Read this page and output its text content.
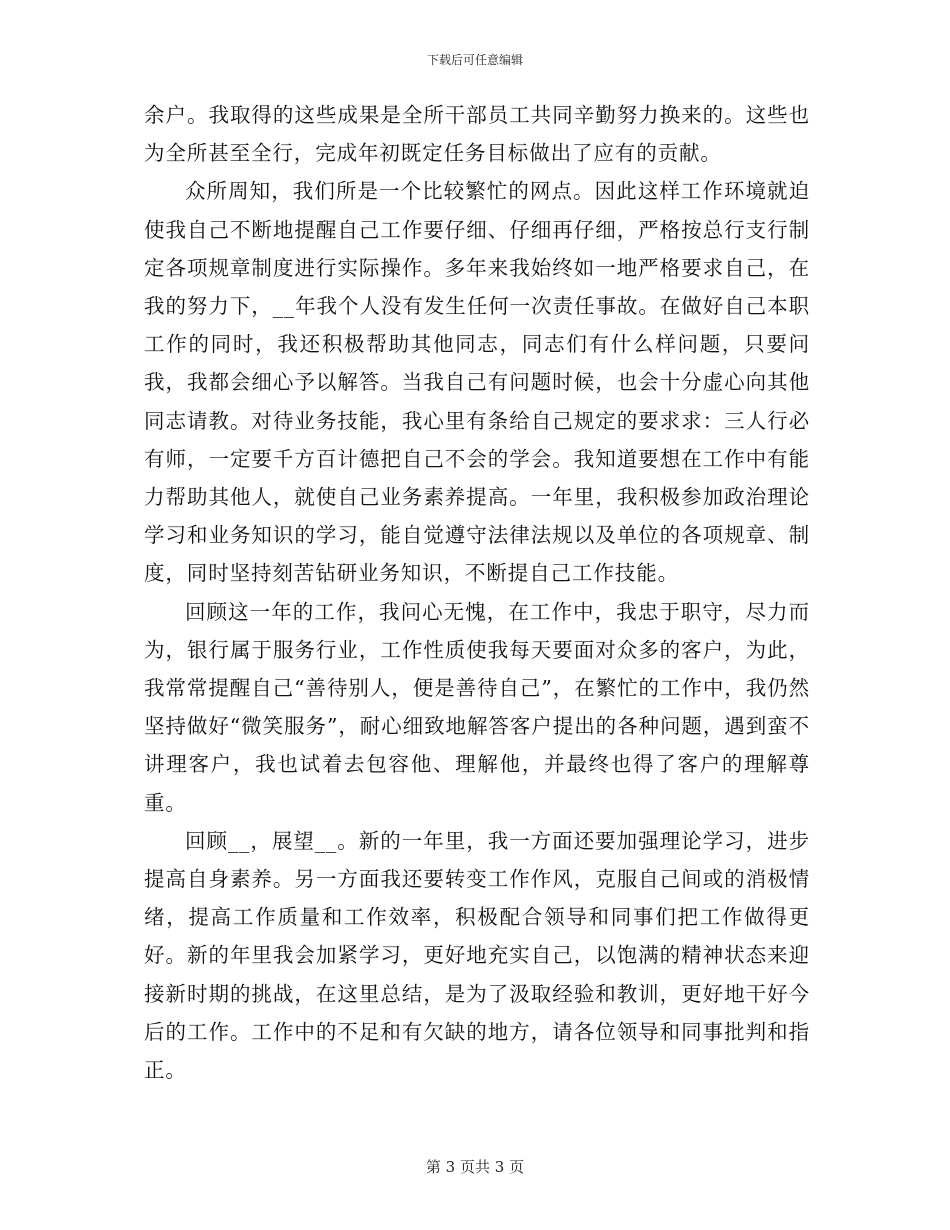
下载后可任意编辑

余户。我取得的这些成果是全所干部员工共同辛勤努力换来的。这些也为全所甚至全行，完成年初既定任务目标做出了应有的贡献。

众所周知，我们所是一个比较繁忙的网点。因此这样工作环境就迫使我自己不断地提醒自己工作要仔细、仔细再仔细，严格按总行支行制定各项规章制度进行实际操作。多年来我始终如一地严格要求自己，在我的努力下，__年我个人没有发生任何一次责任事故。在做好自己本职工作的同时，我还积极帮助其他同志，同志们有什么样问题，只要问我，我都会细心予以解答。当我自己有问题时候，也会十分虚心向其他同志请教。对待业务技能，我心里有条给自己规定的要求求：三人行必有师，一定要千方百计德把自己不会的学会。我知道要想在工作中有能力帮助其他人，就使自己业务素养提高。一年里，我积极参加政治理论学习和业务知识的学习，能自觉遵守法律法规以及单位的各项规章、制度，同时坚持刻苦钻研业务知识，不断提自己工作技能。

回顾这一年的工作，我问心无愧，在工作中，我忠于职守，尽力而为，银行属于服务行业，工作性质使我每天要面对众多的客户，为此，我常常提醒自己“善待别人，便是善待自己”，在繁忙的工作中，我仍然坚持做好“微笑服务”，耐心细致地解答客户提出的各种问题，遇到蛮不讲理客户，我也试着去包容他、理解他，并最终也得了客户的理解尊重。

回顾__，展望__。新的一年里，我一方面还要加强理论学习，进步提高自身素养。另一方面我还要转变工作作风，克服自己间或的消极情绪，提高工作质量和工作效率，积极配合领导和同事们把工作做得更好。新的年里我会加紧学习，更好地充实自己，以饱满的精神状态来迎接新时期的挑战，在这里总结，是为了汲取经验和教训，更好地干好今后的工作。工作中的不足和有欠缺的地方，请各位领导和同事批判和指正。

第 3 页共 3 页
